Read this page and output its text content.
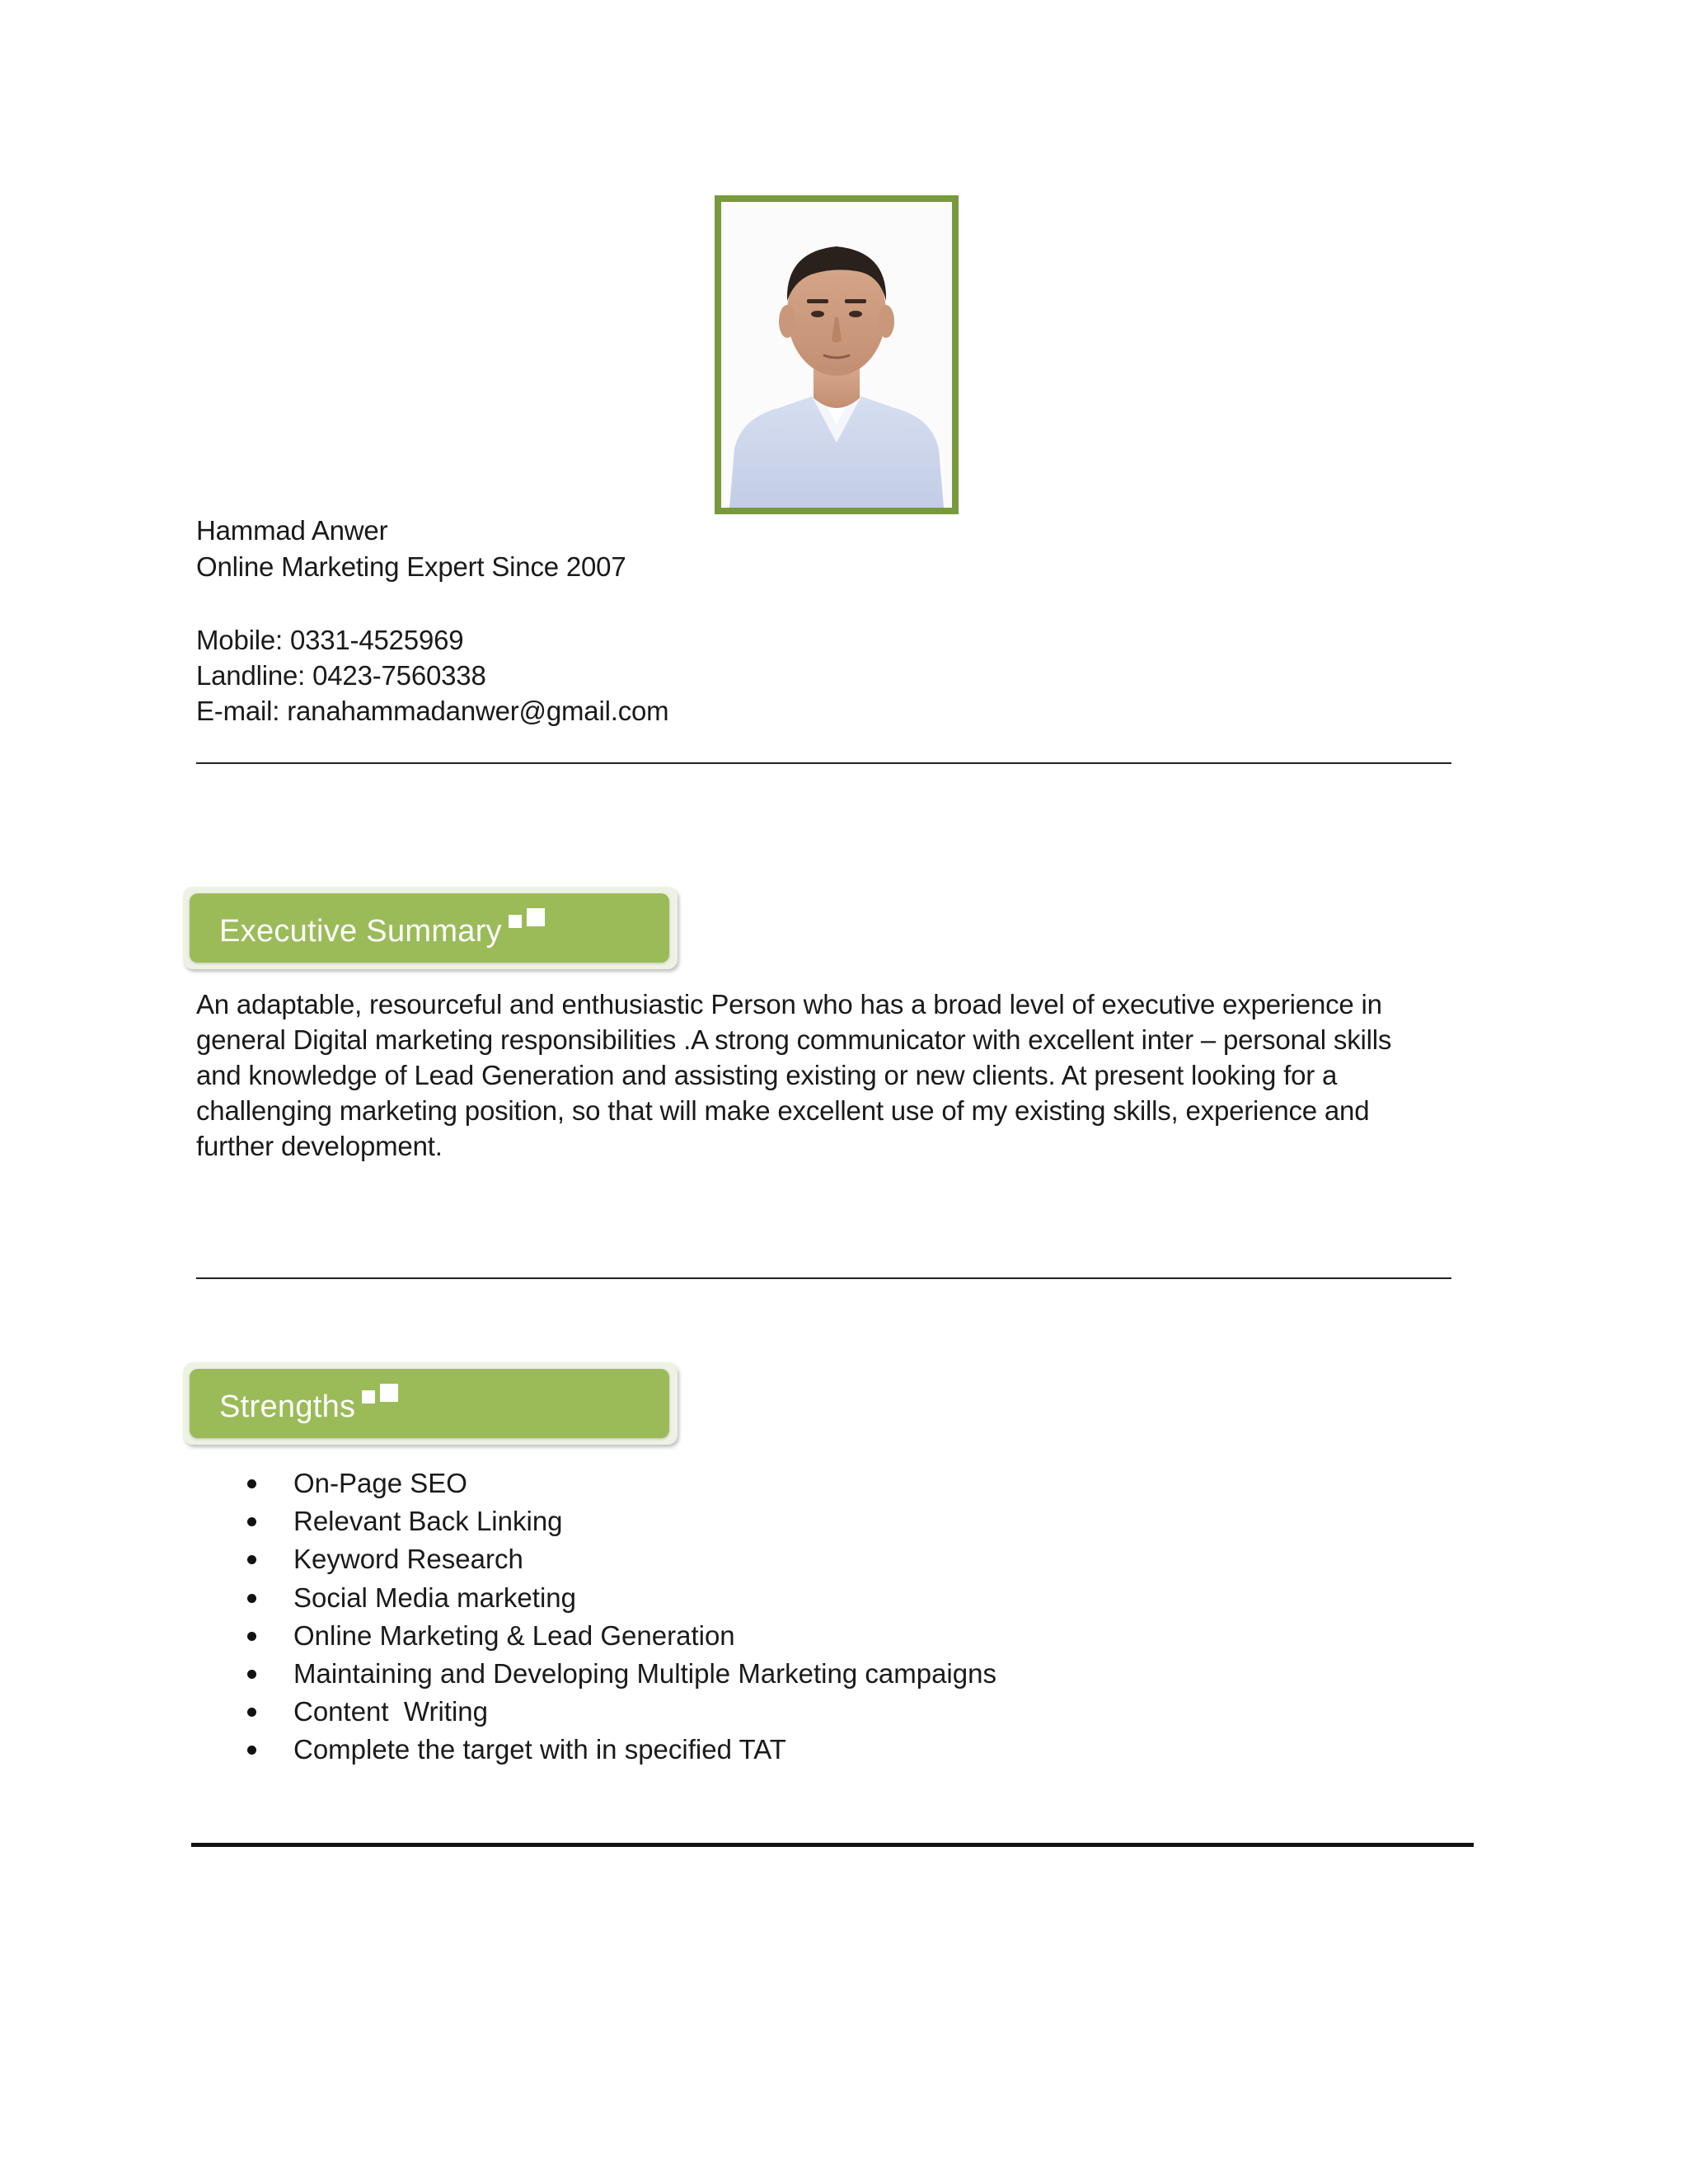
Hammad Anwer
Online Marketing Expert Since 2007
Mobile: 0331-4525969
Landline: 0423-7560338
E-mail: ranahammadanwer@gmail.com
Executive Summary
An adaptable, resourceful and enthusiastic Person who has a broad level of executive experience in
general Digital marketing responsibilities .A strong communicator with excellent inter – personal skills
and knowledge of Lead Generation and assisting existing or new clients. At present looking for a
challenging marketing position, so that will make excellent use of my existing skills, experience and
further development.
Strengths
On-Page SEO
Relevant Back Linking
Keyword Research
Social Media marketing
Online Marketing & Lead Generation
Maintaining and Developing Multiple Marketing campaigns
Content  Writing
Complete the target with in specified TAT
